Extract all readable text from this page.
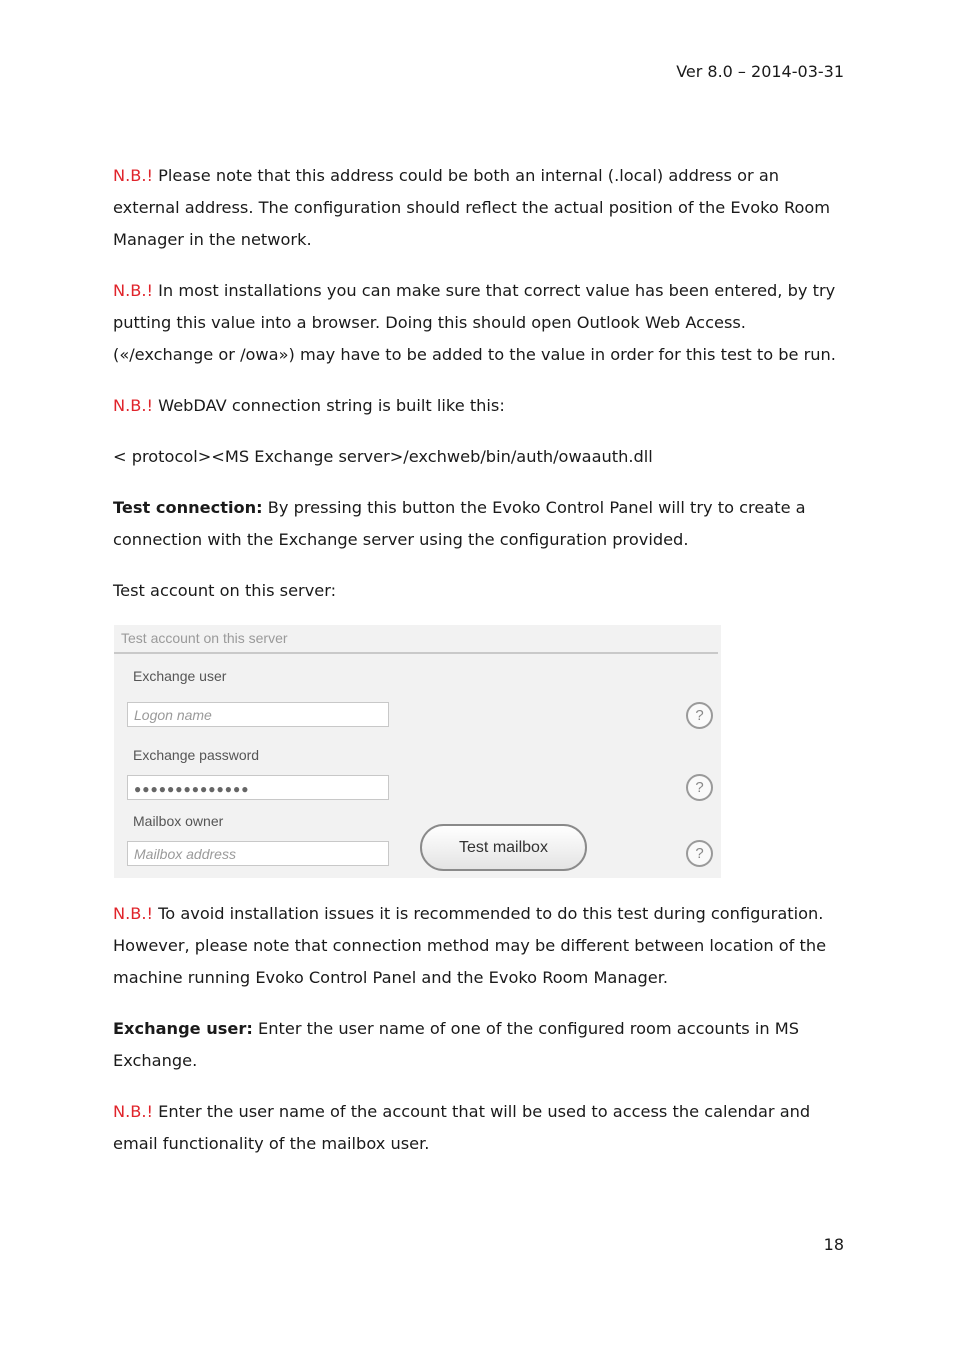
Ver 8.0 – 2014-03-31

N.B.! Please note that this address could be both an internal (.local) address or an external address. The configuration should reflect the actual position of the Evoko Room Manager in the network.

N.B.! In most installations you can make sure that correct value has been entered, by try putting this value into a browser. Doing this should open Outlook Web Access. («/exchange or /owa») may have to be added to the value in order for this test to be run.

N.B.! WebDAV connection string is built like this:

< protocol><MS Exchange server>/exchweb/bin/auth/owaauth.dll

Test connection: By pressing this button the Evoko Control Panel will try to create a connection with the Exchange server using the configuration provided.

Test account on this server:

Test account on this server
Exchange user
Logon name	?
Exchange password
●●●●●●●●●●●●●●	?
Mailbox owner
Mailbox address	Test mailbox	?

N.B.! To avoid installation issues it is recommended to do this test during configuration. However, please note that connection method may be different between location of the machine running Evoko Control Panel and the Evoko Room Manager.

Exchange user: Enter the user name of one of the configured room accounts in MS Exchange.

N.B.! Enter the user name of the account that will be used to access the calendar and email functionality of the mailbox user.

18
